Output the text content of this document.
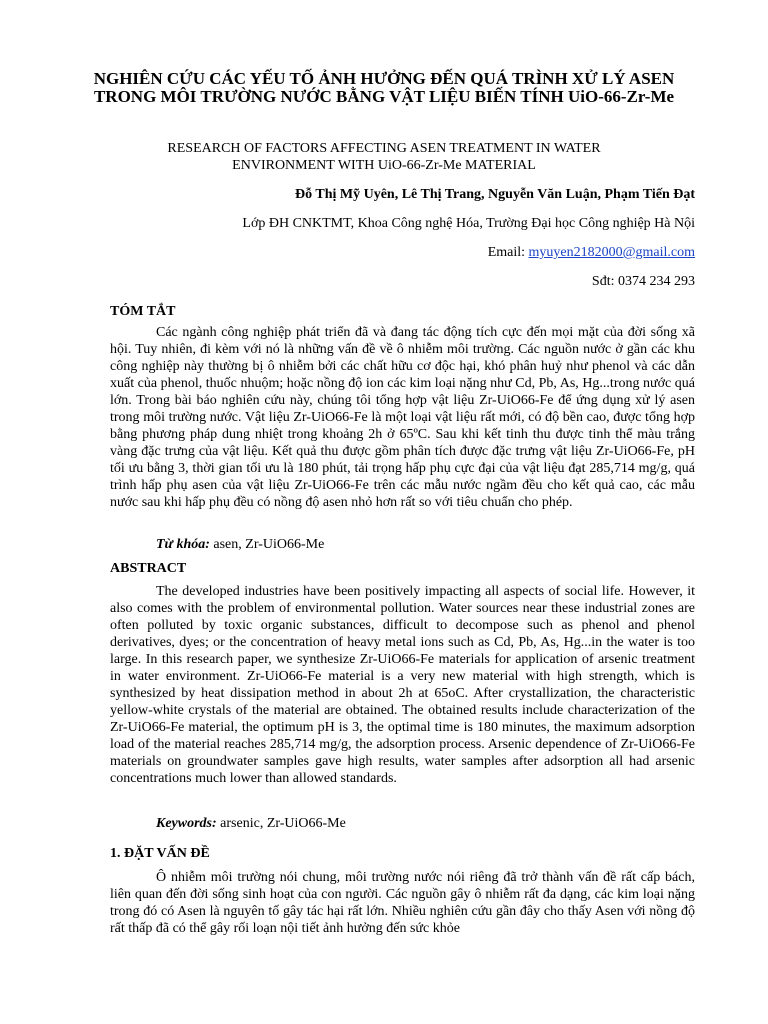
NGHIÊN CỨU CÁC YẾU TỐ ẢNH HƯỞNG ĐẾN QUÁ TRÌNH XỬ LÝ ASEN TRONG MÔI TRƯỜNG NƯỚC BẰNG VẬT LIỆU BIẾN TÍNH UiO-66-Zr-Me

RESEARCH OF FACTORS AFFECTING ASEN TREATMENT IN WATER ENVIRONMENT WITH UiO-66-Zr-Me MATERIAL

Đỗ Thị Mỹ Uyên, Lê Thị Trang, Nguyễn Văn Luận, Phạm Tiến Đạt

Lớp ĐH CNKTMT, Khoa Công nghệ Hóa, Trường Đại học Công nghiệp Hà Nội

Email: myuyen2182000@gmail.com

Sđt: 0374 234 293

TÓM TẮT

Các ngành công nghiệp phát triển đã và đang tác động tích cực đến mọi mặt của đời sống xã hội. Tuy nhiên, đi kèm với nó là những vấn đề về ô nhiễm môi trường. Các nguồn nước ở gần các khu công nghiệp này thường bị ô nhiễm bởi các chất hữu cơ độc hại, khó phân huỷ như phenol và các dẫn xuất của phenol, thuốc nhuộm; hoặc nồng độ ion các kim loại nặng như Cd, Pb, As, Hg...trong nước quá lớn. Trong bài báo nghiên cứu này, chúng tôi tổng hợp vật liệu Zr-UiO66-Fe để ứng dụng xử lý asen trong môi trường nước. Vật liệu Zr-UiO66-Fe là một loại vật liệu rất mới, có độ bền cao, được tổng hợp bằng phương pháp dung nhiệt trong khoảng 2h ở 65ºC. Sau khi kết tinh thu được tinh thể màu trắng vàng đặc trưng của vật liệu. Kết quả thu được gồm phân tích được đặc trưng vật liệu Zr-UiO66-Fe, pH tối ưu bằng 3, thời gian tối ưu là 180 phút, tải trọng hấp phụ cực đại của vật liệu đạt 285,714 mg/g, quá trình hấp phụ asen của vật liệu Zr-UiO66-Fe trên các mẫu nước ngầm đều cho kết quả cao, các mẫu nước sau khi hấp phụ đều có nồng độ asen nhỏ hơn rất so với tiêu chuẩn cho phép.

Từ khóa: asen, Zr-UiO66-Me

ABSTRACT

The developed industries have been positively impacting all aspects of social life. However, it also comes with the problem of environmental pollution. Water sources near these industrial zones are often polluted by toxic organic substances, difficult to decompose such as phenol and phenol derivatives, dyes; or the concentration of heavy metal ions such as Cd, Pb, As, Hg...in the water is too large. In this research paper, we synthesize Zr-UiO66-Fe materials for application of arsenic treatment in water environment. Zr-UiO66-Fe material is a very new material with high strength, which is synthesized by heat dissipation method in about 2h at 65oC. After crystallization, the characteristic yellow-white crystals of the material are obtained. The obtained results include characterization of the Zr-UiO66-Fe material, the optimum pH is 3, the optimal time is 180 minutes, the maximum adsorption load of the material reaches 285,714 mg/g, the adsorption process. Arsenic dependence of Zr-UiO66-Fe materials on groundwater samples gave high results, water samples after adsorption all had arsenic concentrations much lower than allowed standards.

Keywords: arsenic, Zr-UiO66-Me

1. ĐẶT VẤN ĐỀ

Ô nhiễm môi trường nói chung, môi trường nước nói riêng đã trở thành vấn đề rất cấp bách, liên quan đến đời sống sinh hoạt của con người. Các nguồn gây ô nhiễm rất đa dạng, các kim loại nặng trong đó có Asen là nguyên tố gây tác hại rất lớn. Nhiều nghiên cứu gần đây cho thấy Asen với nồng độ rất thấp đã có thể gây rối loạn nội tiết ảnh hưởng đến sức khỏe
